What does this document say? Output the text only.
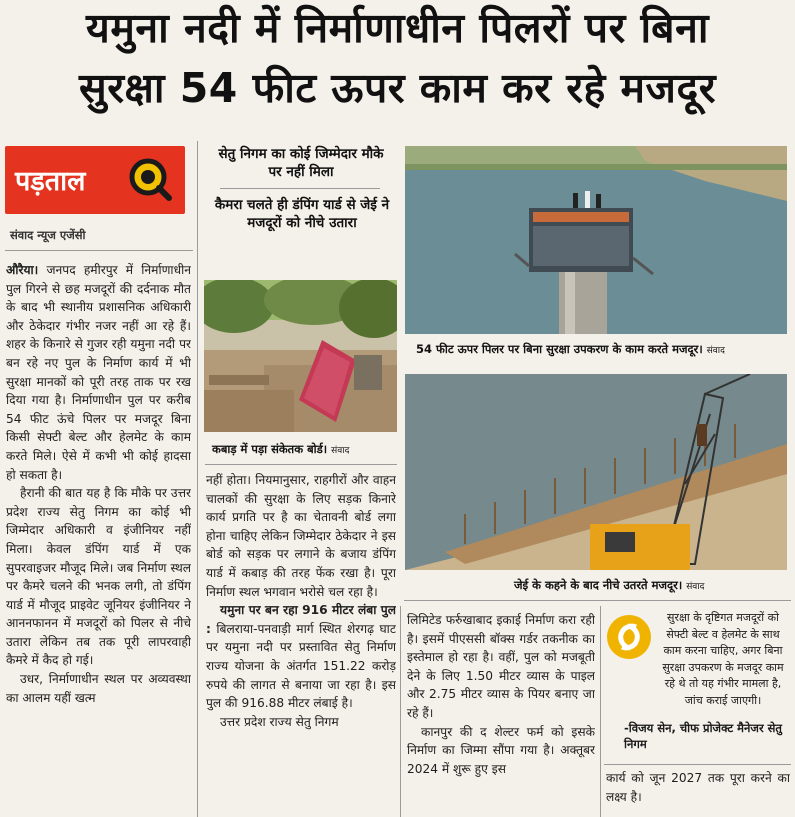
यमुना नदी में निर्माणाधीन पिलरों पर बिना
सुरक्षा 54 फीट ऊपर काम कर रहे मजदूर
पड़ताल
संवाद न्यूज एजेंसी

औरैया। जनपद हमीरपुर में निर्माणाधीन पुल गिरने से छह मजदूरों की दर्दनाक मौत के बाद भी स्थानीय प्रशासनिक अधिकारी और ठेकेदार गंभीर नजर नहीं आ रहे हैं। शहर के किनारे से गुजर रही यमुना नदी पर बन रहे नए पुल के निर्माण कार्य में भी सुरक्षा मानकों को पूरी तरह ताक पर रख दिया गया है। निर्माणाधीन पुल पर करीब 54 फीट ऊंचे पिलर पर मजदूर बिना किसी सेफ्टी बेल्ट और हेलमेट के काम करते मिले। ऐसे में कभी भी कोई हादसा हो सकता है।

हैरानी की बात यह है कि मौके पर उत्तर प्रदेश राज्य सेतु निगम का कोई भी जिम्मेदार अधिकारी व इंजीनियर नहीं मिला। केवल डंपिंग यार्ड में एक सुपरवाइजर मौजूद मिले। जब निर्माण स्थल पर कैमरे चलने की भनक लगी, तो डंपिंग यार्ड में मौजूद प्राइवेट जूनियर इंजीनियर ने आननफानन में मजदूरों को पिलर से नीचे उतारा लेकिन तब तक पूरी लापरवाही कैमरे में कैद हो गई।

उधर, निर्माणाधीन स्थल पर अव्यवस्था का आलम यहीं खत्म

सेतु निगम का कोई जिम्मेदार मौके पर नहीं मिला
कैमरा चलते ही डंपिंग यार्ड से जेई ने मजदूरों को नीचे उतारा
कबाड़ में पड़ा संकेतक बोर्ड। संवाद

नहीं होता। नियमानुसार, राहगीरों और वाहन चालकों की सुरक्षा के लिए सड़क किनारे कार्य प्रगति पर है का चेतावनी बोर्ड लगा होना चाहिए लेकिन जिम्मेदार ठेकेदार ने इस बोर्ड को सड़क पर लगाने के बजाय डंपिंग यार्ड में कबाड़ की तरह फेंक रखा है। पूरा निर्माण स्थल भगवान भरोसे चल रहा है।

यमुना पर बन रहा 916 मीटर लंबा पुल : बिलराया-पनवाड़ी मार्ग स्थित शेरगढ़ घाट पर यमुना नदी पर प्रस्तावित सेतु निर्माण राज्य योजना के अंतर्गत 151.22 करोड़ रुपये की लागत से बनाया जा रहा है। इस पुल की 916.88 मीटर लंबाई है।

उत्तर प्रदेश राज्य सेतु निगम

54 फीट ऊपर पिलर पर बिना सुरक्षा उपकरण के काम करते मजदूर। संवाद
जेई के कहने के बाद नीचे उतरते मजदूर। संवाद

लिमिटेड फर्रुखाबाद इकाई निर्माण करा रही है। इसमें पीएससी बॉक्स गर्डर तकनीक का इस्तेमाल हो रहा है। वहीं, पुल को मजबूती देने के लिए 1.50 मीटर व्यास के पाइल और 2.75 मीटर व्यास के पियर बनाए जा रहे हैं।

कानपुर की द शेल्टर फर्म को इसके निर्माण का जिम्मा सौंपा गया है। अक्तूबर 2024 में शुरू हुए इस

सुरक्षा के दृष्टिगत मजदूरों को सेफ्टी बेल्ट व हेलमेट के साथ काम करना चाहिए, अगर बिना सुरक्षा उपकरण के मजदूर काम रहे थे तो यह गंभीर मामला है, जांच कराई जाएगी।
-विजय सेन, चीफ प्रोजेक्ट मैनेजर सेतु निगम

कार्य को जून 2027 तक पूरा करने का लक्ष्य है।
